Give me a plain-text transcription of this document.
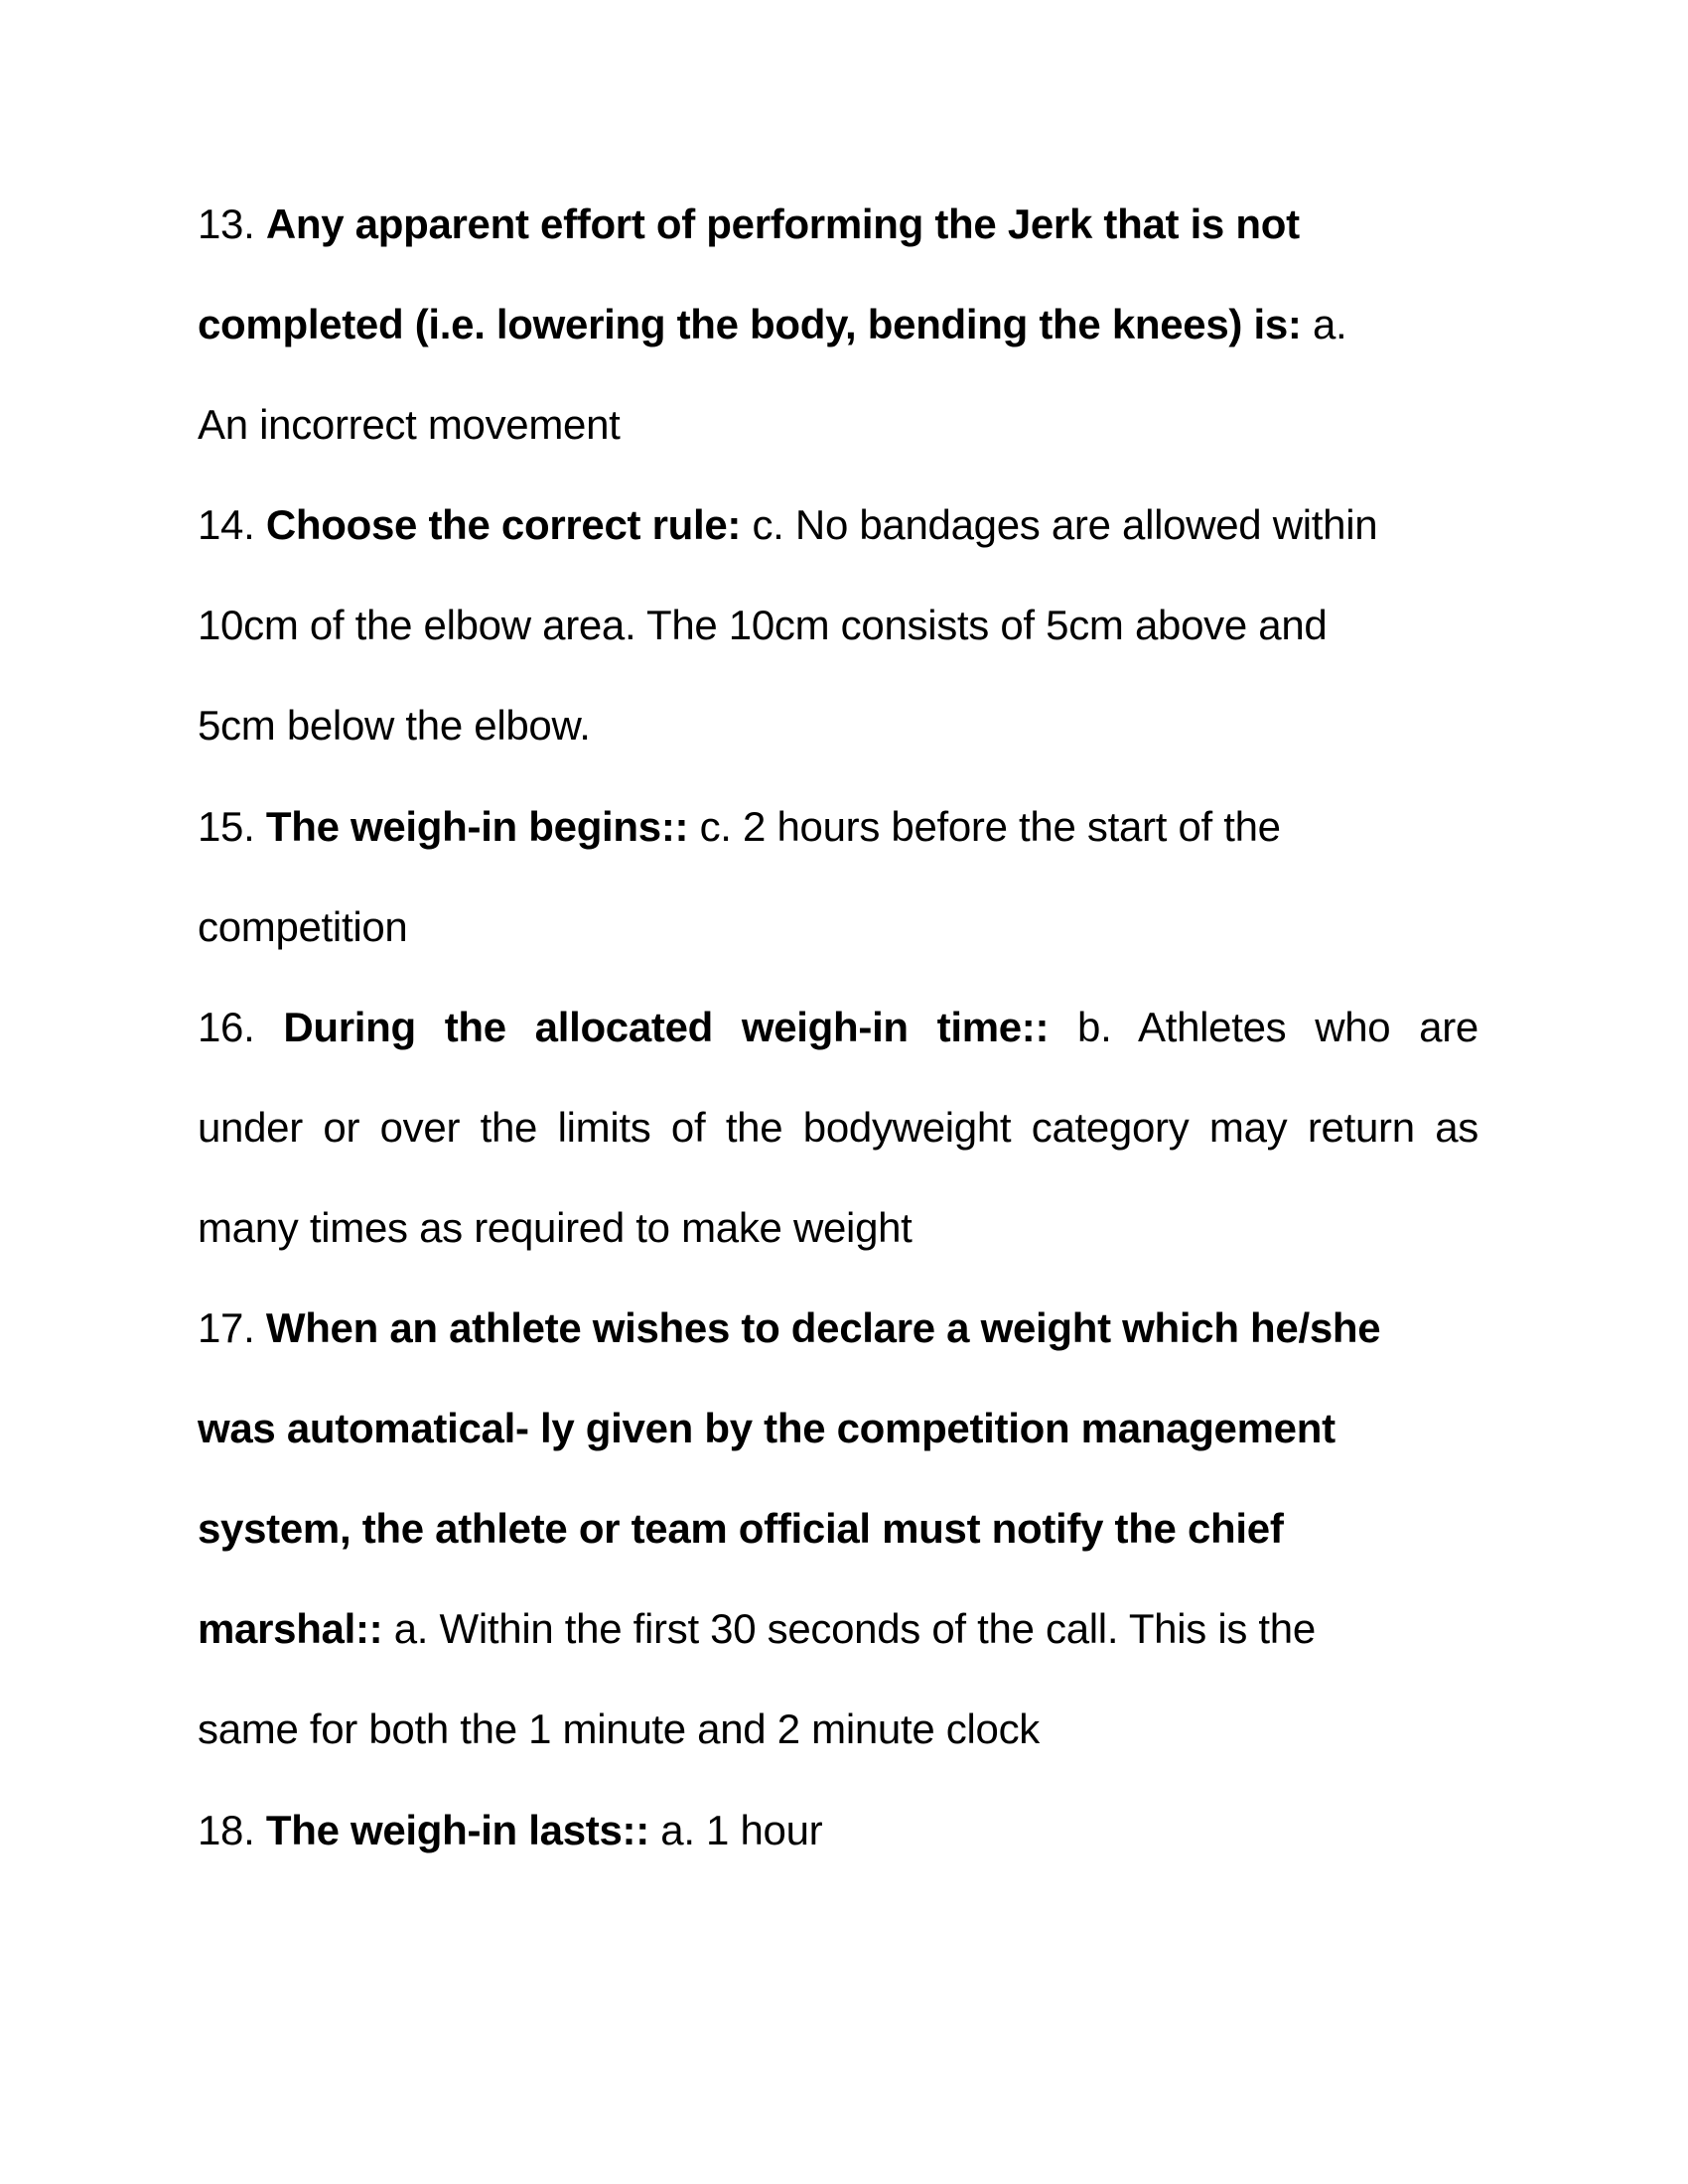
13. Any apparent effort of performing the Jerk that is not
completed (i.e. lowering the body, bending the knees) is: a.
An incorrect movement
14. Choose the correct rule: c. No bandages are allowed within
10cm of the elbow area. The 10cm consists of 5cm above and
5cm below the elbow.
15. The weigh-in begins:: c. 2 hours before the start of the
competition
16. During the allocated weigh-in time:: b. Athletes who are
under or over the limits of the bodyweight category may return as
many times as required to make weight
17. When an athlete wishes to declare a weight which he/she
was automatical- ly given by the competition management
system, the athlete or team official must notify the chief
marshal:: a. Within the first 30 seconds of the call. This is the
same for both the 1 minute and 2 minute clock
18. The weigh-in lasts:: a. 1 hour
